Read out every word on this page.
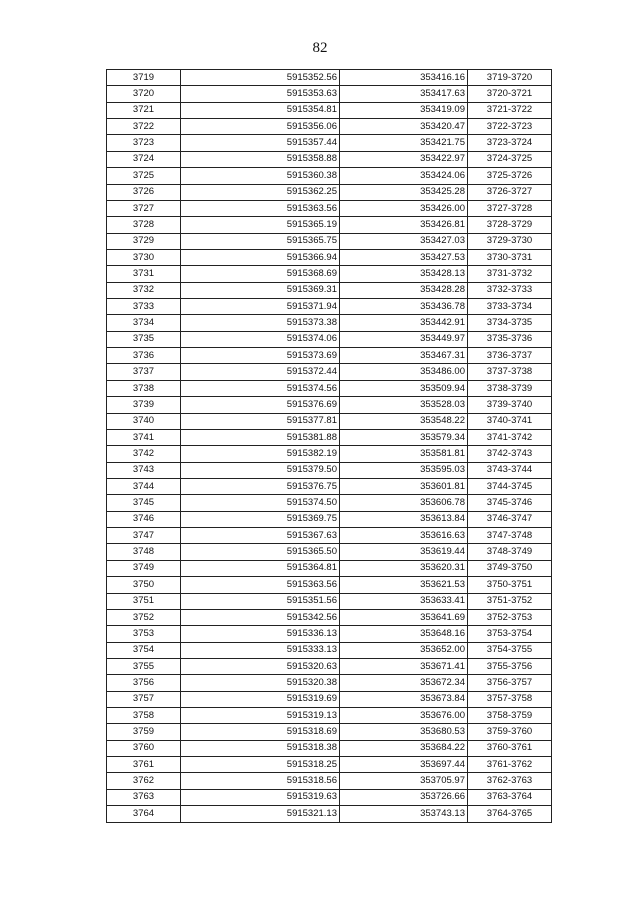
82
3719	5915352.56	353416.16	3719-3720
3720	5915353.63	353417.63	3720-3721
3721	5915354.81	353419.09	3721-3722
3722	5915356.06	353420.47	3722-3723
3723	5915357.44	353421.75	3723-3724
3724	5915358.88	353422.97	3724-3725
3725	5915360.38	353424.06	3725-3726
3726	5915362.25	353425.28	3726-3727
3727	5915363.56	353426.00	3727-3728
3728	5915365.19	353426.81	3728-3729
3729	5915365.75	353427.03	3729-3730
3730	5915366.94	353427.53	3730-3731
3731	5915368.69	353428.13	3731-3732
3732	5915369.31	353428.28	3732-3733
3733	5915371.94	353436.78	3733-3734
3734	5915373.38	353442.91	3734-3735
3735	5915374.06	353449.97	3735-3736
3736	5915373.69	353467.31	3736-3737
3737	5915372.44	353486.00	3737-3738
3738	5915374.56	353509.94	3738-3739
3739	5915376.69	353528.03	3739-3740
3740	5915377.81	353548.22	3740-3741
3741	5915381.88	353579.34	3741-3742
3742	5915382.19	353581.81	3742-3743
3743	5915379.50	353595.03	3743-3744
3744	5915376.75	353601.81	3744-3745
3745	5915374.50	353606.78	3745-3746
3746	5915369.75	353613.84	3746-3747
3747	5915367.63	353616.63	3747-3748
3748	5915365.50	353619.44	3748-3749
3749	5915364.81	353620.31	3749-3750
3750	5915363.56	353621.53	3750-3751
3751	5915351.56	353633.41	3751-3752
3752	5915342.56	353641.69	3752-3753
3753	5915336.13	353648.16	3753-3754
3754	5915333.13	353652.00	3754-3755
3755	5915320.63	353671.41	3755-3756
3756	5915320.38	353672.34	3756-3757
3757	5915319.69	353673.84	3757-3758
3758	5915319.13	353676.00	3758-3759
3759	5915318.69	353680.53	3759-3760
3760	5915318.38	353684.22	3760-3761
3761	5915318.25	353697.44	3761-3762
3762	5915318.56	353705.97	3762-3763
3763	5915319.63	353726.66	3763-3764
3764	5915321.13	353743.13	3764-3765
